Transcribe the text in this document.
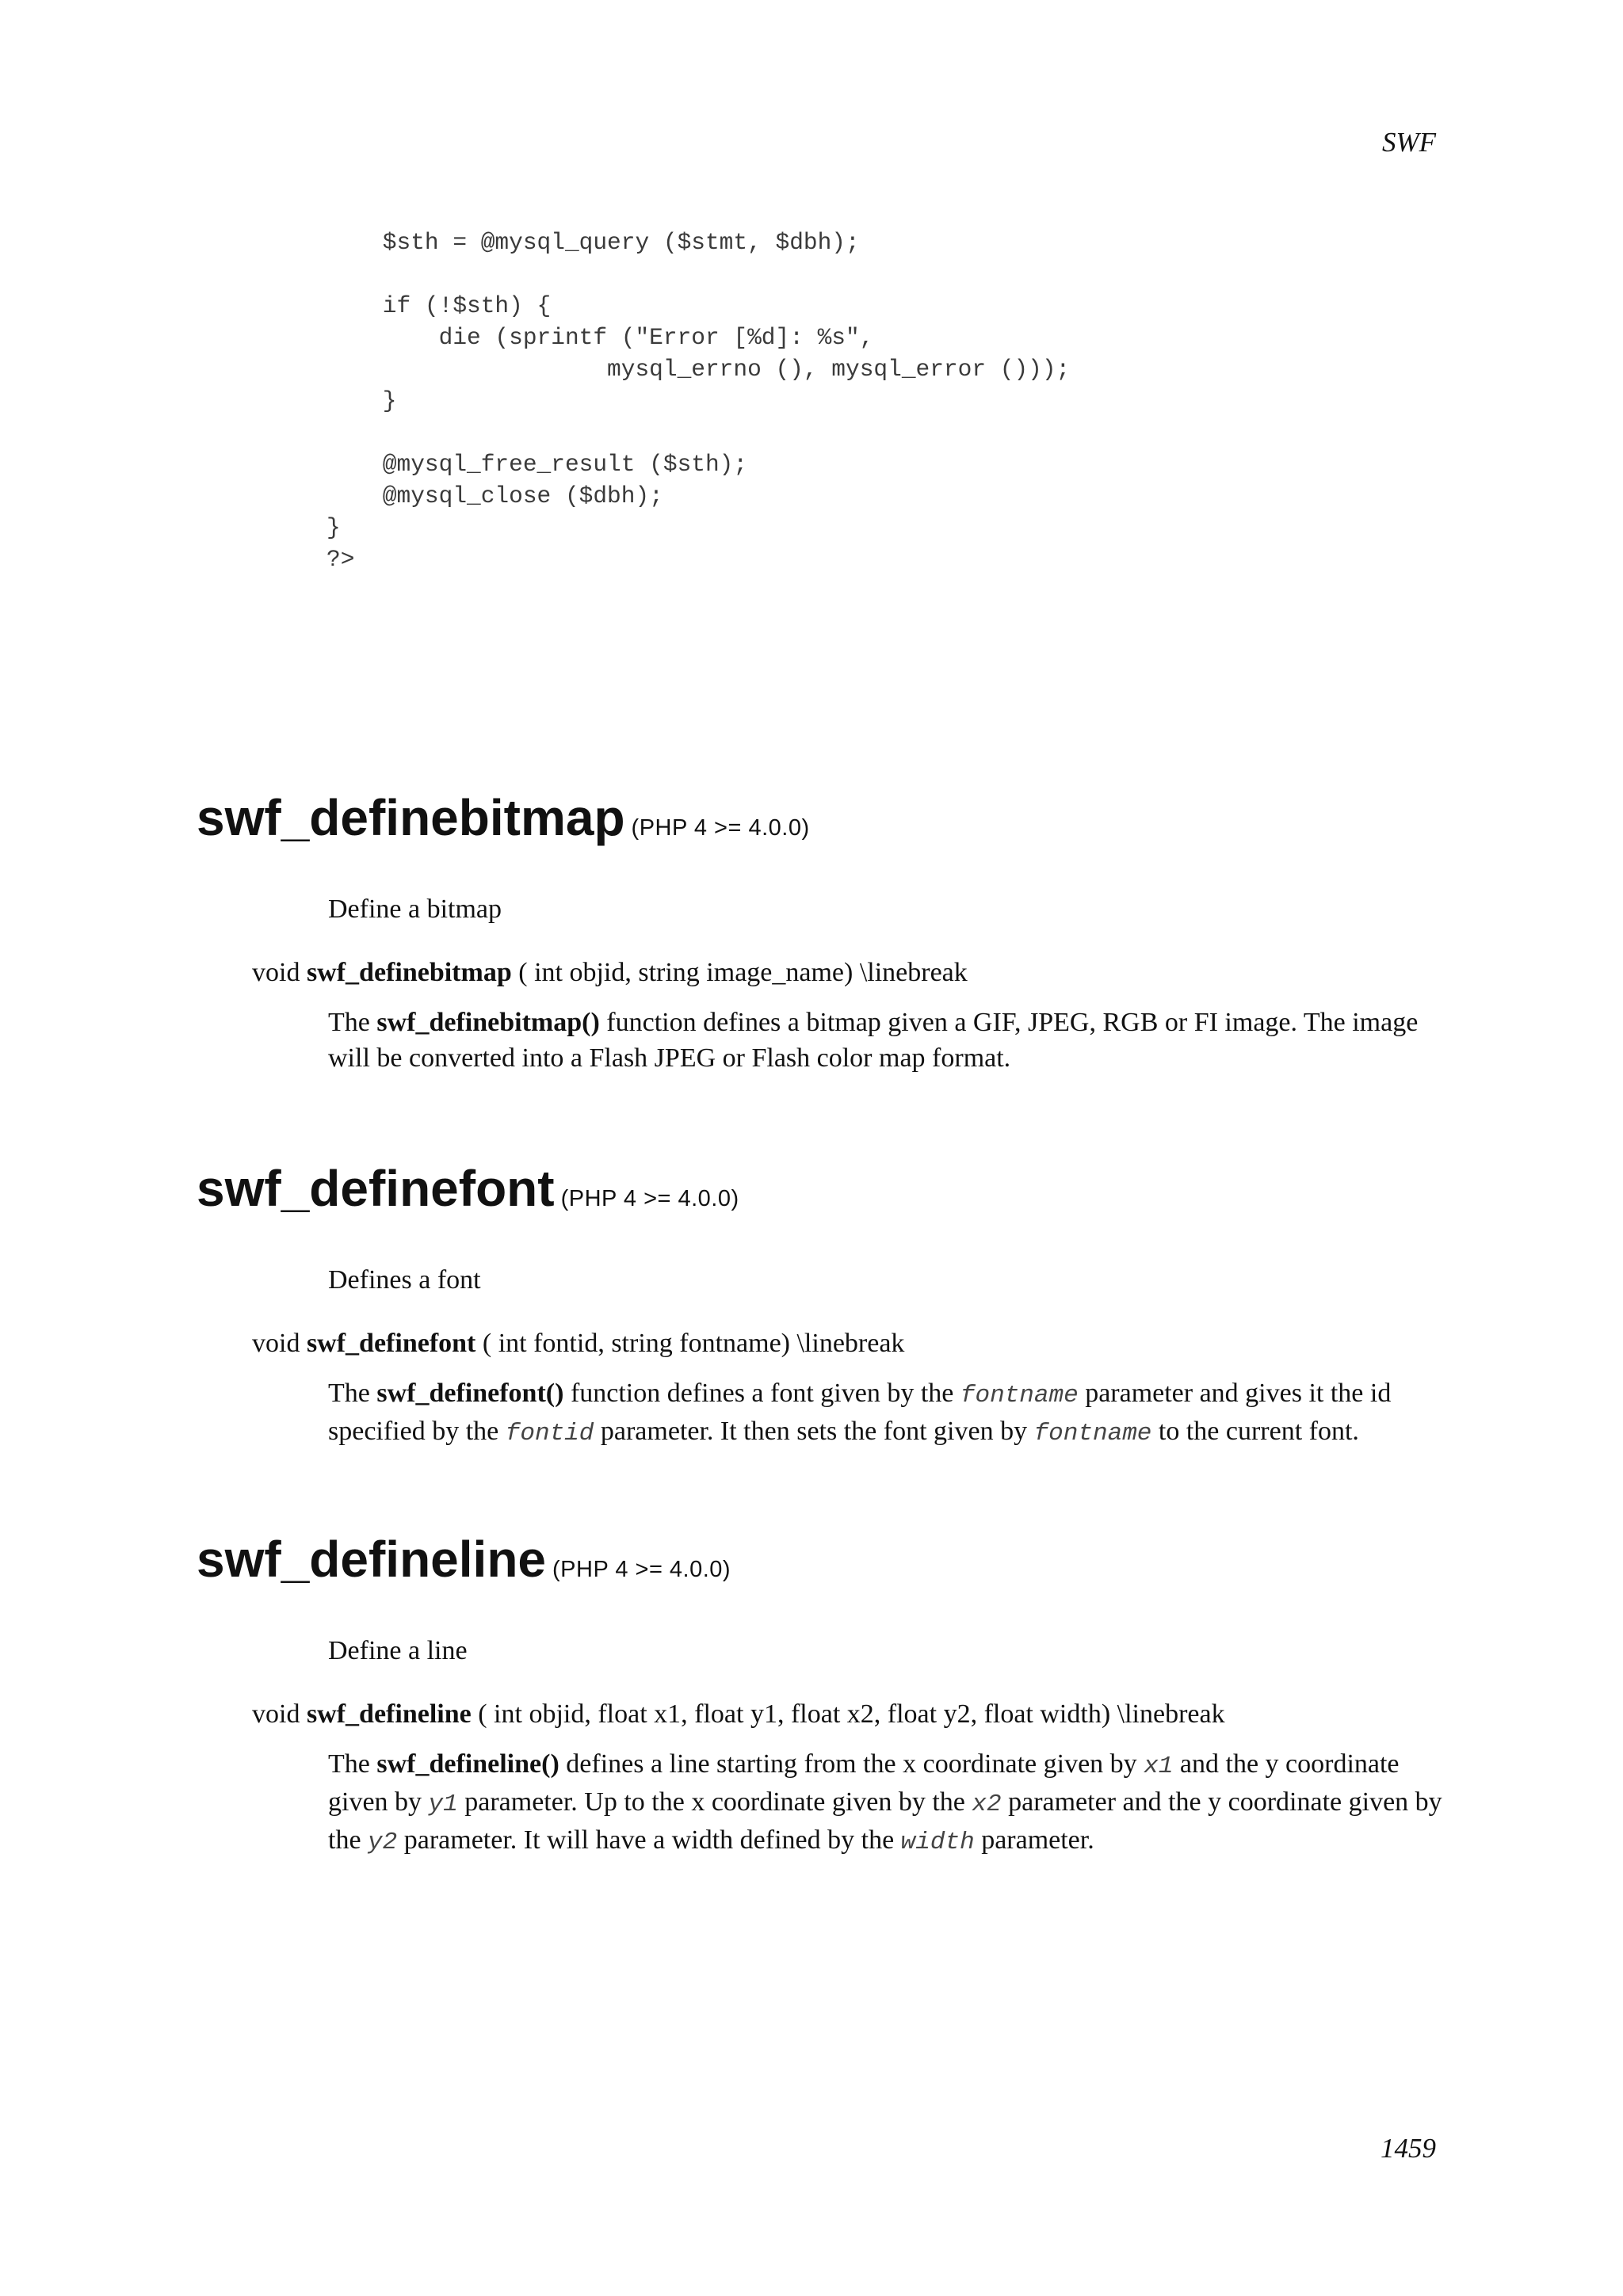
SWF
$sth = @mysql_query ($stmt, $dbh);

if (!$sth) {
die (sprintf ("Error [%d]: %s",
mysql_errno (), mysql_error ()));
}

@mysql_free_result ($sth);
@mysql_close ($dbh);
}
?>
swf_definebitmap (PHP 4 >= 4.0.0)
Define a bitmap
void swf_definebitmap ( int objid, string image_name) \linebreak
The swf_definebitmap() function defines a bitmap given a GIF, JPEG, RGB or FI image. The image will be converted into a Flash JPEG or Flash color map format.
swf_definefont (PHP 4 >= 4.0.0)
Defines a font
void swf_definefont ( int fontid, string fontname) \linebreak
The swf_definefont() function defines a font given by the fontname parameter and gives it the id specified by the fontid parameter. It then sets the font given by fontname to the current font.
swf_defineline (PHP 4 >= 4.0.0)
Define a line
void swf_defineline ( int objid, float x1, float y1, float x2, float y2, float width) \linebreak
The swf_defineline() defines a line starting from the x coordinate given by x1 and the y coordinate given by y1 parameter. Up to the x coordinate given by the x2 parameter and the y coordinate given by the y2 parameter. It will have a width defined by the width parameter.
1459
